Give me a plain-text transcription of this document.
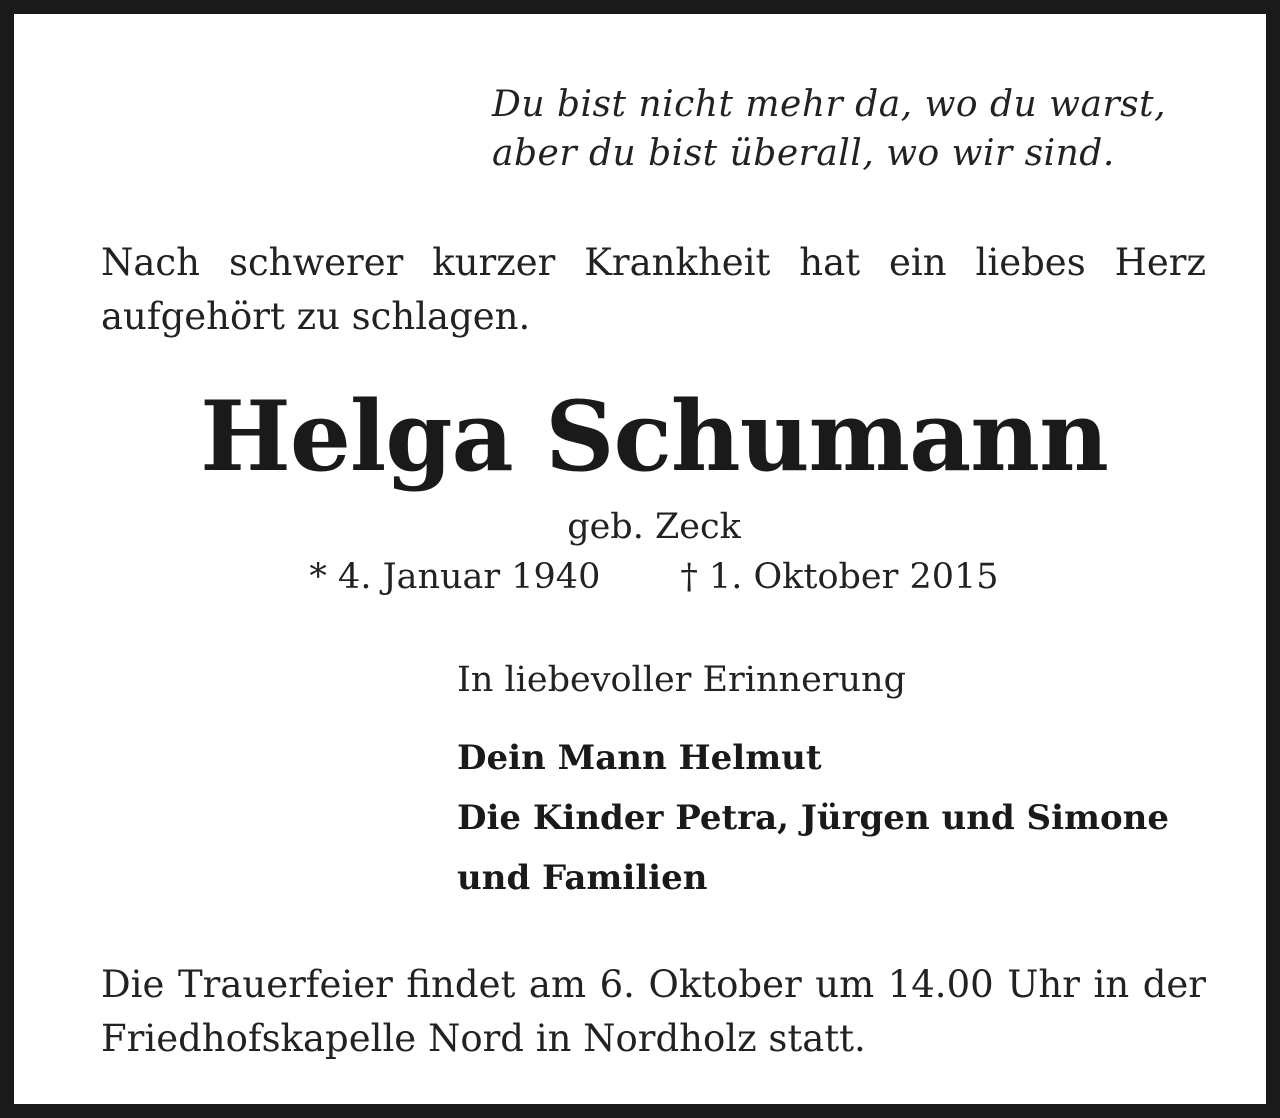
Du bist nicht mehr da, wo du warst,
aber du bist überall, wo wir sind.
Nach schwerer kurzer Krankheit hat ein liebes Herz aufgehört zu schlagen.
Helga Schumann
geb. Zeck
* 4. Januar 1940 † 1. Oktober 2015
In liebevoller Erinnerung
Dein Mann Helmut
Die Kinder Petra, Jürgen und Simone
und Familien
Die Trauerfeier findet am 6. Oktober um 14.00 Uhr in der Friedhofskapelle Nord in Nordholz statt.
